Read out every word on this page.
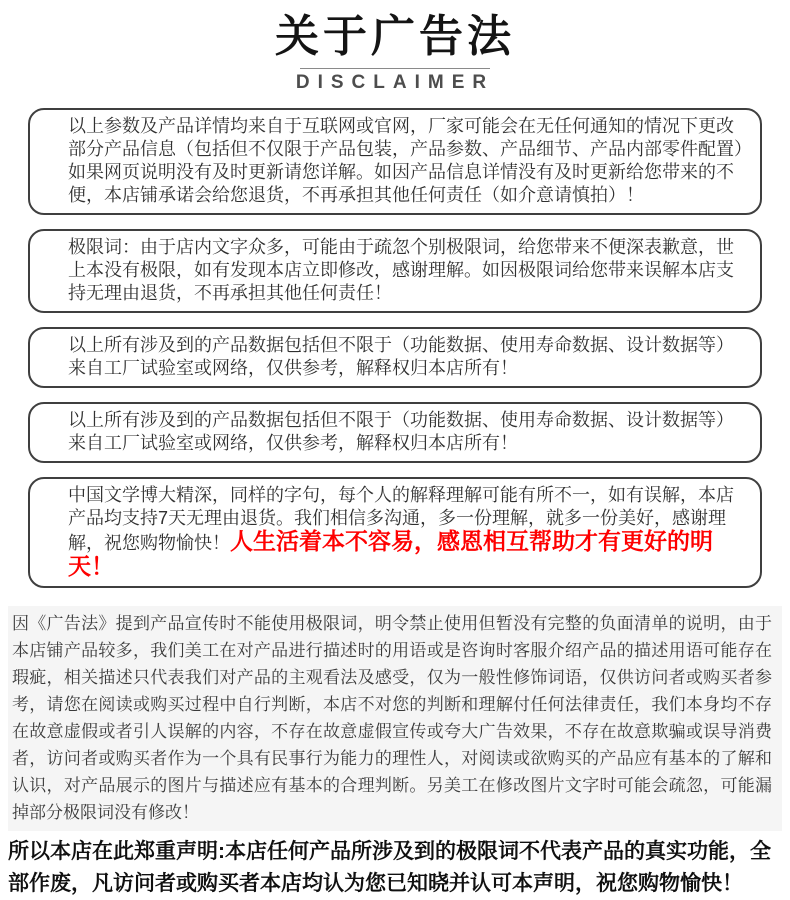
关于广告法
DISCLAIMER

以上参数及产品详情均来自于互联网或官网，厂家可能会在无任何通知的情况下更改部分产品信息（包括但不仅限于产品包装，产品参数、产品细节、产品内部零件配置）如果网页说明没有及时更新请您详解。如因产品信息详情没有及时更新给您带来的不便，本店铺承诺会给您退货，不再承担其他任何责任（如介意请慎拍）！

极限词：由于店内文字众多，可能由于疏忽个别极限词，给您带来不便深表歉意，世上本没有极限，如有发现本店立即修改，感谢理解。如因极限词给您带来误解本店支持无理由退货，不再承担其他任何责任！

以上所有涉及到的产品数据包括但不限于（功能数据、使用寿命数据、设计数据等）来自工厂试验室或网络，仅供参考，解释权归本店所有！

以上所有涉及到的产品数据包括但不限于（功能数据、使用寿命数据、设计数据等）来自工厂试验室或网络，仅供参考，解释权归本店所有！

中国文学博大精深，同样的字句，每个人的解释理解可能有所不一，如有误解，本店产品均支持7天无理由退货。我们相信多沟通，多一份理解，就多一份美好，感谢理解，祝您购物愉快！人生活着本不容易，感恩相互帮助才有更好的明天！

因《广告法》提到产品宣传时不能使用极限词，明令禁止使用但暂没有完整的负面清单的说明，由于本店铺产品较多，我们美工在对产品进行描述时的用语或是咨询时客服介绍产品的描述用语可能存在瑕疵，相关描述只代表我们对产品的主观看法及感受，仅为一般性修饰词语，仅供访问者或购买者参考，请您在阅读或购买过程中自行判断，本店不对您的判断和理解付任何法律责任，我们本身均不存在故意虚假或者引人误解的内容，不存在故意虚假宣传或夸大广告效果，不存在故意欺骗或误导消费者，访问者或购买者作为一个具有民事行为能力的理性人，对阅读或欲购买的产品应有基本的了解和认识，对产品展示的图片与描述应有基本的合理判断。另美工在修改图片文字时可能会疏忽，可能漏掉部分极限词没有修改！

所以本店在此郑重声明:本店任何产品所涉及到的极限词不代表产品的真实功能，全部作废，凡访问者或购买者本店均认为您已知晓并认可本声明，祝您购物愉快！
